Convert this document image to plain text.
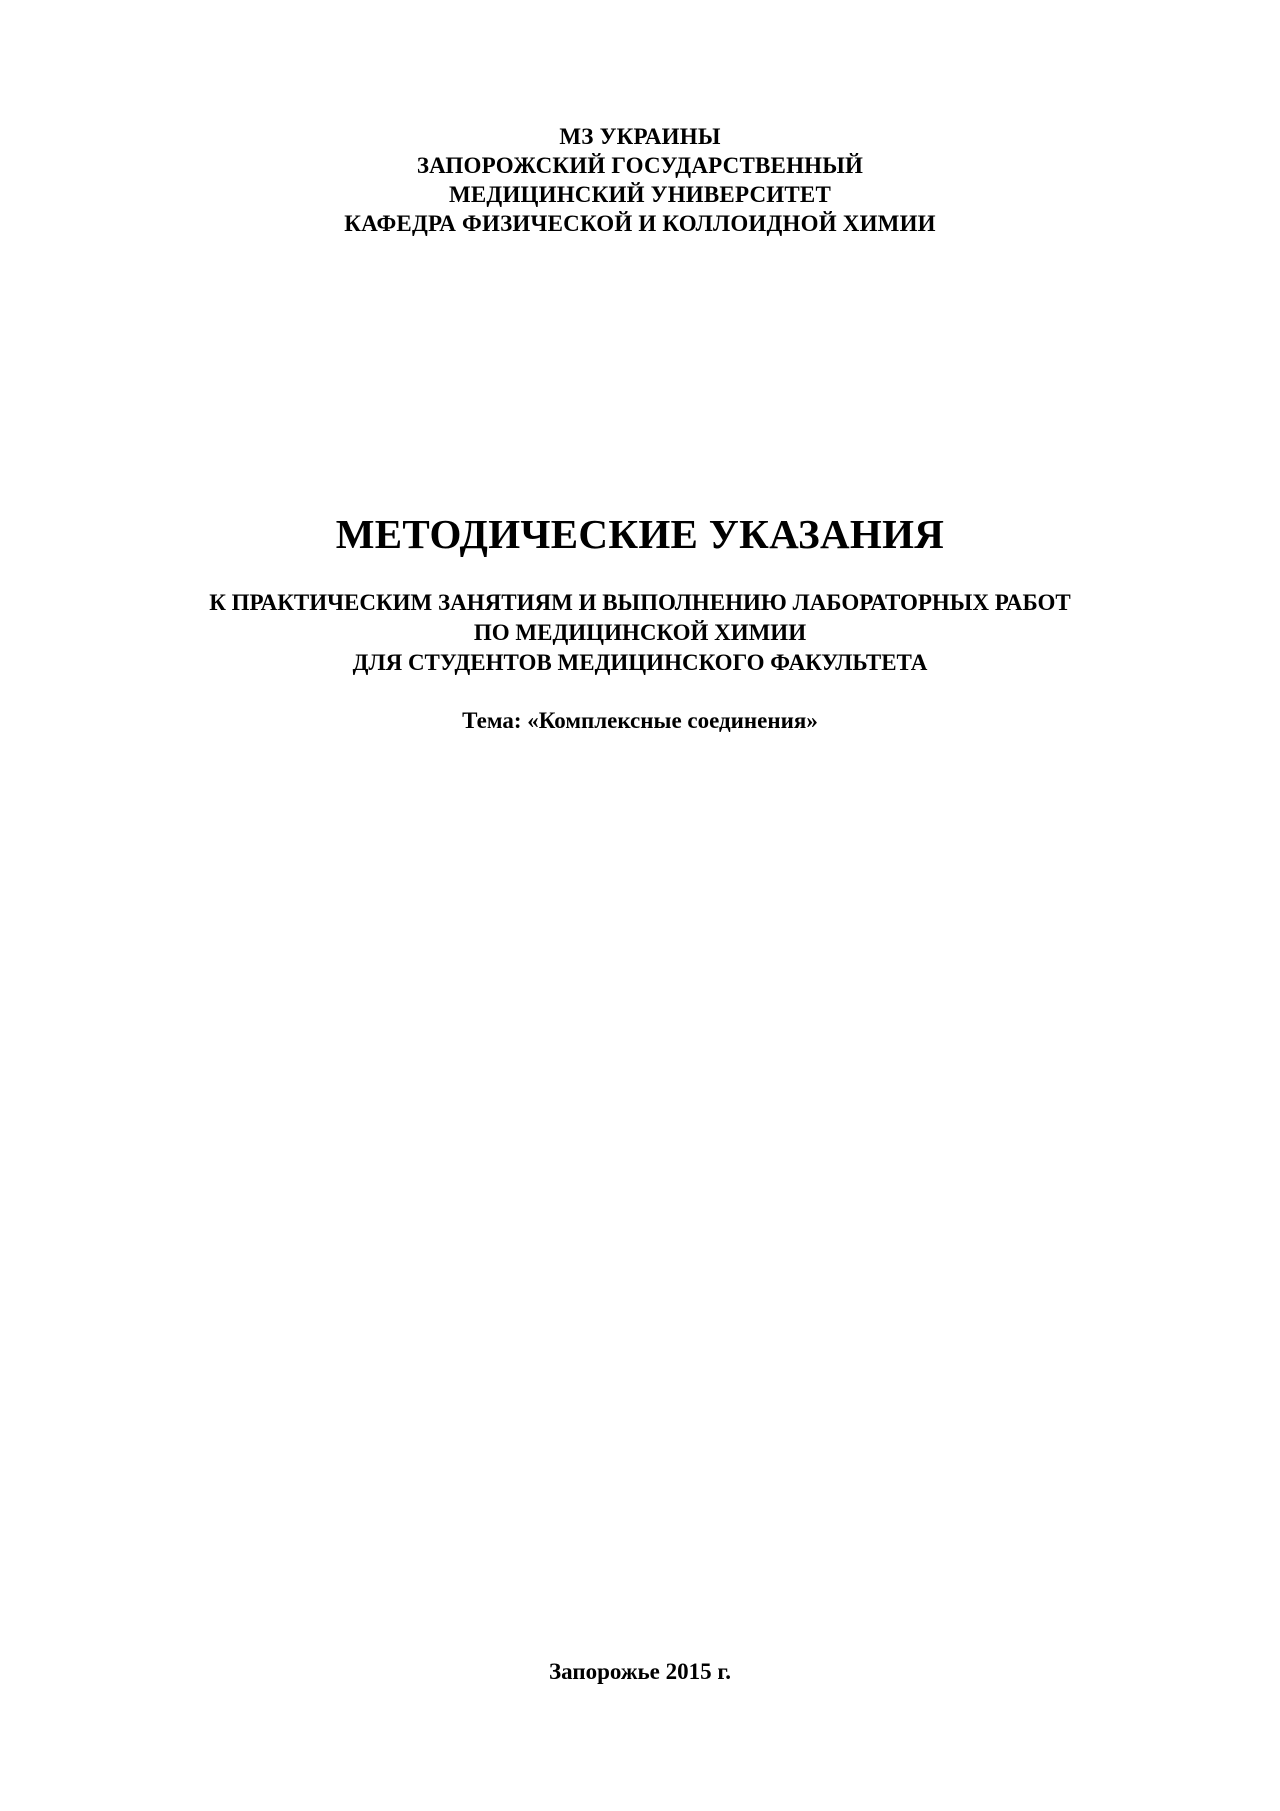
МЗ УКРАИНЫ
ЗАПОРОЖСКИЙ ГОСУДАРСТВЕННЫЙ
МЕДИЦИНСКИЙ УНИВЕРСИТЕТ
КАФЕДРА ФИЗИЧЕСКОЙ И КОЛЛОИДНОЙ ХИМИИ
МЕТОДИЧЕСКИЕ УКАЗАНИЯ
К ПРАКТИЧЕСКИМ ЗАНЯТИЯМ И ВЫПОЛНЕНИЮ ЛАБОРАТОРНЫХ РАБОТ
ПО МЕДИЦИНСКОЙ ХИМИИ
ДЛЯ СТУДЕНТОВ МЕДИЦИНСКОГО ФАКУЛЬТЕТА
Тема: «Комплексные соединения»
Запорожье 2015 г.
